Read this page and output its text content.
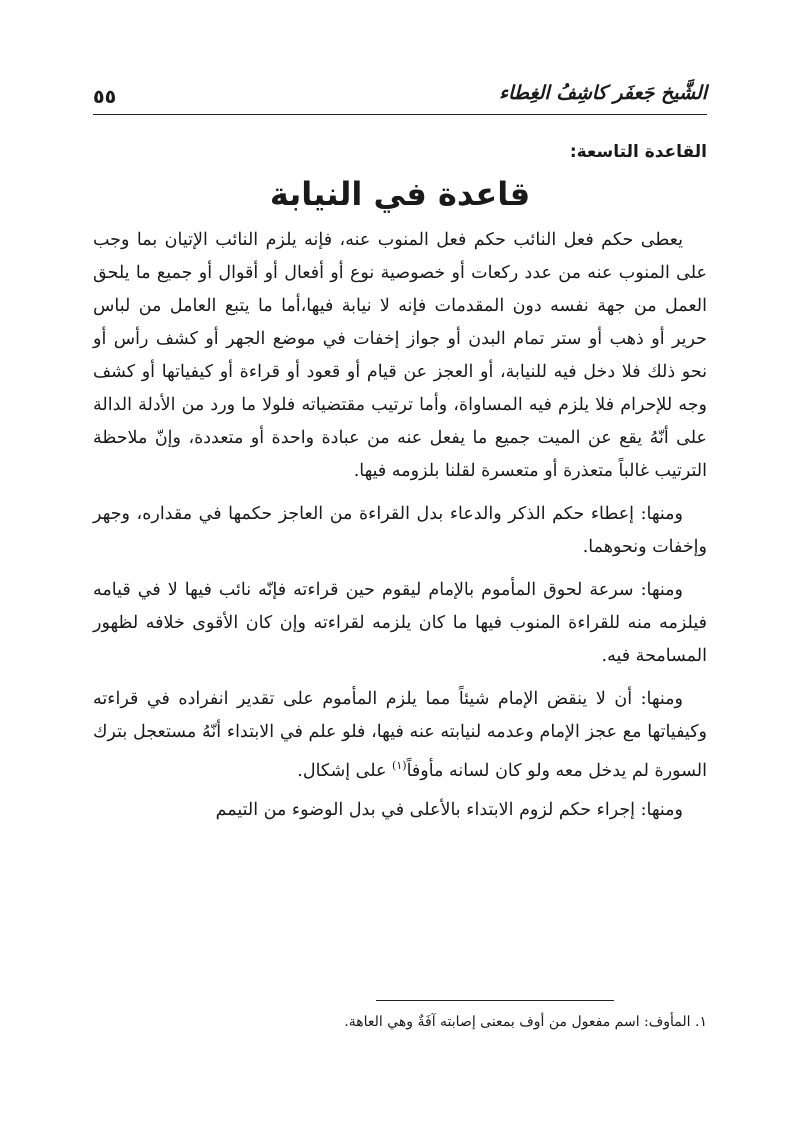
٥٥	الشَّيخ جَعفَر كاشِفُ الغِطاء
القاعدة التاسعة:
قاعدة في النيابة

يعطى حكم فعل النائب حكم فعل المنوب عنه، فإنه يلزم النائب الإتيان بما وجب على المنوب عنه من عدد ركعات أو خصوصية نوع أو أفعال أو أقوال أو جميع ما يلحق العمل من جهة نفسه دون المقدمات فإنه لا نيابة فيها،أما ما يتبع العامل من لباس حرير أو ذهب أو ستر تمام البدن أو جواز إخفات في موضع الجهر أو كشف رأس أو نحو ذلك فلا دخل فيه للنيابة، أو العجز عن قيام أو قعود أو قراءة أو كيفياتها أو كشف وجه للإحرام فلا يلزم فيه المساواة، وأما ترتيب مقتضياته فلولا ما ورد من الأدلة الدالة على أنّهُ يقع عن الميت جميع ما يفعل عنه من عبادة واحدة أو متعددة، وإنّ ملاحظة الترتيب غالباً متعذرة أو متعسرة لقلنا بلزومه فيها.

ومنها: إعطاء حكم الذكر والدعاء بدل القراءة من العاجز حكمها في مقداره، وجهر وإخفات ونحوهما.

ومنها: سرعة لحوق المأموم بالإمام ليقوم حين قراءته فإنّه نائب فيها لا في قيامه فيلزمه منه للقراءة المنوب فيها ما كان يلزمه لقراءته وإن كان الأقوى خلافه لظهور المسامحة فيه.

ومنها: أن لا ينقض الإمام شيئاً مما يلزم المأموم على تقدير انفراده في قراءته وكيفياتها مع عجز الإمام وعدمه لنيابته عنه فيها، فلو علم في الابتداء أنّهُ مستعجل بترك السورة لم يدخل معه ولو كان لسانه مأوفاً$^{(١)}$ على إشكال.

ومنها: إجراء حكم لزوم الابتداء بالأعلى في بدل الوضوء من التيمم

١. المأوف: اسم مفعول من أوف بمعنى إصابته آفَةٌ وهي العاهة.
